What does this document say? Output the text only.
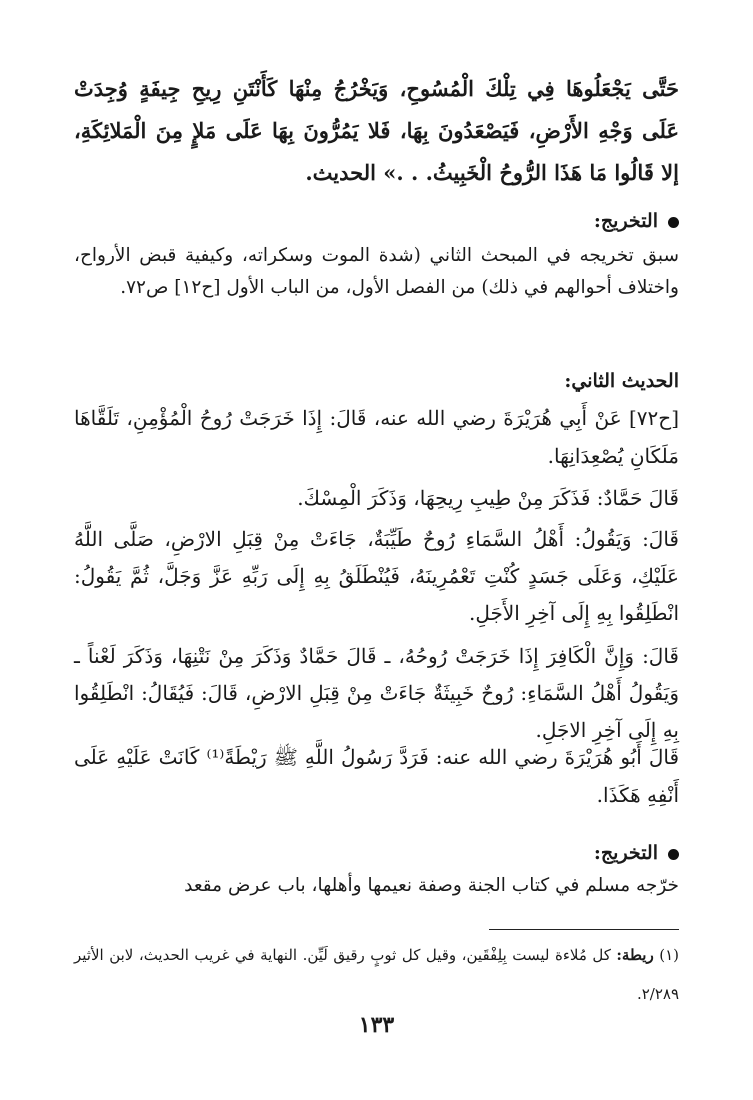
حَتَّى يَجْعَلُوهَا فِي تِلْكَ الْمُسُوحِ، وَيَخْرُجُ مِنْهَا كَأَنْتَنِ رِيحِ جِيفَةٍ وُجِدَتْ عَلَى وَجْهِ الأَرْضِ، فَيَصْعَدُونَ بِهَا، فَلا يَمُرُّونَ بِهَا عَلَى مَلإٍ مِنَ الْمَلائِكَةِ، إلا قَالُوا مَا هَذَا الرُّوحُ الْخَبِيثُ. . .» الحديث.
التخريج:
سبق تخريجه في المبحث الثاني (شدة الموت وسكراته، وكيفية قبض الأرواح، واختلاف أحوالهم في ذلك) من الفصل الأول، من الباب الأول [ح١٢] ص٧٢.
الحديث الثاني:
[ح٧٢] عَنْ أَبِي هُرَيْرَةَ رضي الله عنه، قَالَ: إِذَا خَرَجَتْ رُوحُ الْمُؤْمِنِ، تَلَقَّاهَا مَلَكَانِ يُصْعِدَانِهَا.
قَالَ حَمَّادٌ: فَذَكَرَ مِنْ طِيبِ رِيحِهَا، وَذَكَرَ الْمِسْكَ.
قَالَ: وَيَقُولُ: أَهْلُ السَّمَاءِ رُوحٌ طَيِّبَةٌ، جَاءَتْ مِنْ قِبَلِ الارْضِ، صَلَّى اللَّهُ عَلَيْكِ، وَعَلَى جَسَدٍ كُنْتِ تَعْمُرِينَهُ، فَيُنْطَلَقُ بِهِ إِلَى رَبِّهِ عَزَّ وَجَلَّ، ثُمَّ يَقُولُ: انْطَلِقُوا بِهِ إِلَى آخِرِ الأَجَلِ.
قَالَ: وَإِنَّ الْكَافِرَ إِذَا خَرَجَتْ رُوحُهُ، ـ قَالَ حَمَّادٌ وَذَكَرَ مِنْ نَتْنِهَا، وَذَكَرَ لَعْناً ـ وَيَقُولُ أَهْلُ السَّمَاءِ: رُوحٌ خَبِيثَةٌ جَاءَتْ مِنْ قِبَلِ الارْضِ، قَالَ: فَيُقَالُ: انْطَلِقُوا بِهِ إِلَى آخِرِ الاجَلِ.
قَالَ أَبُو هُرَيْرَةَ رضي الله عنه: فَرَدَّ رَسُولُ اللَّهِ ﷺ رَيْطَةً⁽¹⁾ كَانَتْ عَلَيْهِ عَلَى أَنْفِهِ هَكَذَا.
التخريج:
خرّجه مسلم في كتاب الجنة وصفة نعيمها وأهلها، باب عرض مقعد
(١) ريطة: كل مُلاءة ليست بِلِفْقَين، وقيل كل ثوبٍ رقيق لَيِّن. النهاية في غريب الحديث، لابن الأثير ٢/٢٨٩.
١٣٣
